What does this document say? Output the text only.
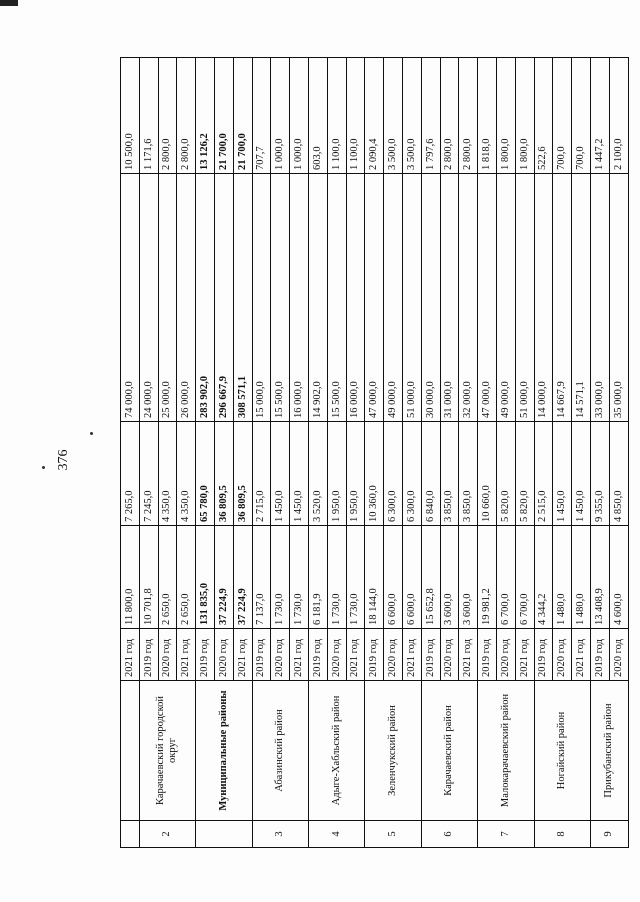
376
		2021 год	11 800,0	7 265,0	74 000,0	10 500,0
2	Карачаевский городской округ	2019 год	10 701,8	7 245,0	24 000,0	1 171,6
		2020 год	2 650,0	4 350,0	25 000,0	2 800,0
		2021 год	2 650,0	4 350,0	26 000,0	2 800,0
	Муниципальные районы	2019 год	131 835,0	65 780,0	283 902,0	13 126,2
		2020 год	37 224,9	36 809,5	296 667,9	21 700,0
		2021 год	37 224,9	36 809,5	308 571,1	21 700,0
3	Абазинский район	2019 год	7 137,0	2 715,0	15 000,0	707,7
		2020 год	1 730,0	1 450,0	15 500,0	1 000,0
		2021 год	1 730,0	1 450,0	16 000,0	1 000,0
4	Адыге-Хабльский район	2019 год	6 181,9	3 520,0	14 902,0	603,0
		2020 год	1 730,0	1 950,0	15 500,0	1 100,0
		2021 год	1 730,0	1 950,0	16 000,0	1 100,0
5	Зеленчукский район	2019 год	18 144,0	10 360,0	47 000,0	2 090,4
		2020 год	6 600,0	6 300,0	49 000,0	3 500,0
		2021 год	6 600,0	6 300,0	51 000,0	3 500,0
6	Карачаевский район	2019 год	15 652,8	6 840,0	30 000,0	1 797,6
		2020 год	3 600,0	3 850,0	31 000,0	2 800,0
		2021 год	3 600,0	3 850,0	32 000,0	2 800,0
7	Малокарачаевский район	2019 год	19 981,2	10 660,0	47 000,0	1 818,0
		2020 год	6 700,0	5 820,0	49 000,0	1 800,0
		2021 год	6 700,0	5 820,0	51 000,0	1 800,0
8	Ногайский район	2019 год	4 344,2	2 515,0	14 000,0	522,6
		2020 год	1 480,0	1 450,0	14 667,9	700,0
		2021 год	1 480,0	1 450,0	14 571,1	700,0
9	Прикубанский район	2019 год	13 408,9	9 355,0	33 000,0	1 447,2
		2020 год	4 600,0	4 850,0	35 000,0	2 100,0
